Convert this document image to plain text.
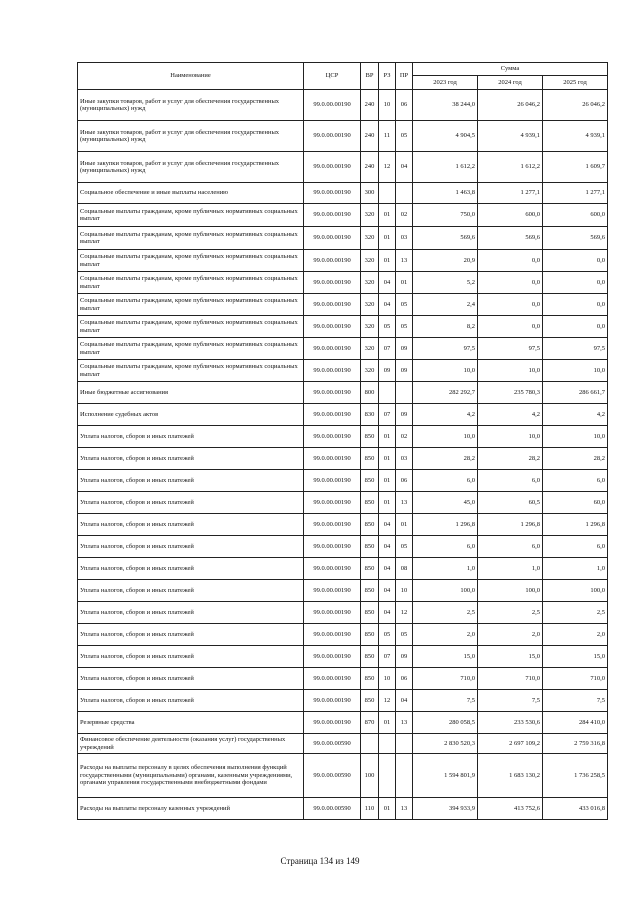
Наименование	ЦСР	ВР	РЗ	ПР	Сумма		
					2023 год	2024 год	2025 год
Иные закупки товаров, работ и услуг для обеспечения государственных (муниципальных) нужд	99.0.00.00190	240	10	06	38 244,0	26 046,2	26 046,2
Иные закупки товаров, работ и услуг для обеспечения государственных (муниципальных) нужд	99.0.00.00190	240	11	05	4 904,5	4 939,1	4 939,1
Иные закупки товаров, работ и услуг для обеспечения государственных (муниципальных) нужд	99.0.00.00190	240	12	04	1 612,2	1 612,2	1 609,7
Социальное обеспечение и иные выплаты населению	99.0.00.00190	300			1 463,8	1 277,1	1 277,1
Социальные выплаты гражданам, кроме публичных нормативных социальных выплат	99.0.00.00190	320	01	02	750,0	600,0	600,0
Социальные выплаты гражданам, кроме публичных нормативных социальных выплат	99.0.00.00190	320	01	03	569,6	569,6	569,6
Социальные выплаты гражданам, кроме публичных нормативных социальных выплат	99.0.00.00190	320	01	13	20,9	0,0	0,0
Социальные выплаты гражданам, кроме публичных нормативных социальных выплат	99.0.00.00190	320	04	01	5,2	0,0	0,0
Социальные выплаты гражданам, кроме публичных нормативных социальных выплат	99.0.00.00190	320	04	05	2,4	0,0	0,0
Социальные выплаты гражданам, кроме публичных нормативных социальных выплат	99.0.00.00190	320	05	05	8,2	0,0	0,0
Социальные выплаты гражданам, кроме публичных нормативных социальных выплат	99.0.00.00190	320	07	09	97,5	97,5	97,5
Социальные выплаты гражданам, кроме публичных нормативных социальных выплат	99.0.00.00190	320	09	09	10,0	10,0	10,0
Иные бюджетные ассигнования	99.0.00.00190	800			282 292,7	235 780,3	286 661,7
Исполнение судебных актов	99.0.00.00190	830	07	09	4,2	4,2	4,2
Уплата налогов, сборов и иных платежей	99.0.00.00190	850	01	02	10,0	10,0	10,0
Уплата налогов, сборов и иных платежей	99.0.00.00190	850	01	03	28,2	28,2	28,2
Уплата налогов, сборов и иных платежей	99.0.00.00190	850	01	06	6,0	6,0	6,0
Уплата налогов, сборов и иных платежей	99.0.00.00190	850	01	13	45,0	60,5	60,0
Уплата налогов, сборов и иных платежей	99.0.00.00190	850	04	01	1 296,8	1 296,8	1 296,8
Уплата налогов, сборов и иных платежей	99.0.00.00190	850	04	05	6,0	6,0	6,0
Уплата налогов, сборов и иных платежей	99.0.00.00190	850	04	08	1,0	1,0	1,0
Уплата налогов, сборов и иных платежей	99.0.00.00190	850	04	10	100,0	100,0	100,0
Уплата налогов, сборов и иных платежей	99.0.00.00190	850	04	12	2,5	2,5	2,5
Уплата налогов, сборов и иных платежей	99.0.00.00190	850	05	05	2,0	2,0	2,0
Уплата налогов, сборов и иных платежей	99.0.00.00190	850	07	09	15,0	15,0	15,0
Уплата налогов, сборов и иных платежей	99.0.00.00190	850	10	06	710,0	710,0	710,0
Уплата налогов, сборов и иных платежей	99.0.00.00190	850	12	04	7,5	7,5	7,5
Резервные средства	99.0.00.00190	870	01	13	280 058,5	233 530,6	284 410,0
Финансовое обеспечение деятельности (оказания услуг) государственных учреждений	99.0.00.00590				2 830 520,3	2 697 109,2	2 759 316,8
Расходы на выплаты персоналу в целях обеспечения выполнения функций государственными (муниципальными) органами, казенными учреждениями, органами управления государственными внебюджетными фондами	99.0.00.00590	100			1 594 801,9	1 683 130,2	1 736 258,5
Расходы на выплаты персоналу казенных учреждений	99.0.00.00590	110	01	13	394 933,9	413 752,6	433 016,8
Страница 134 из 149
